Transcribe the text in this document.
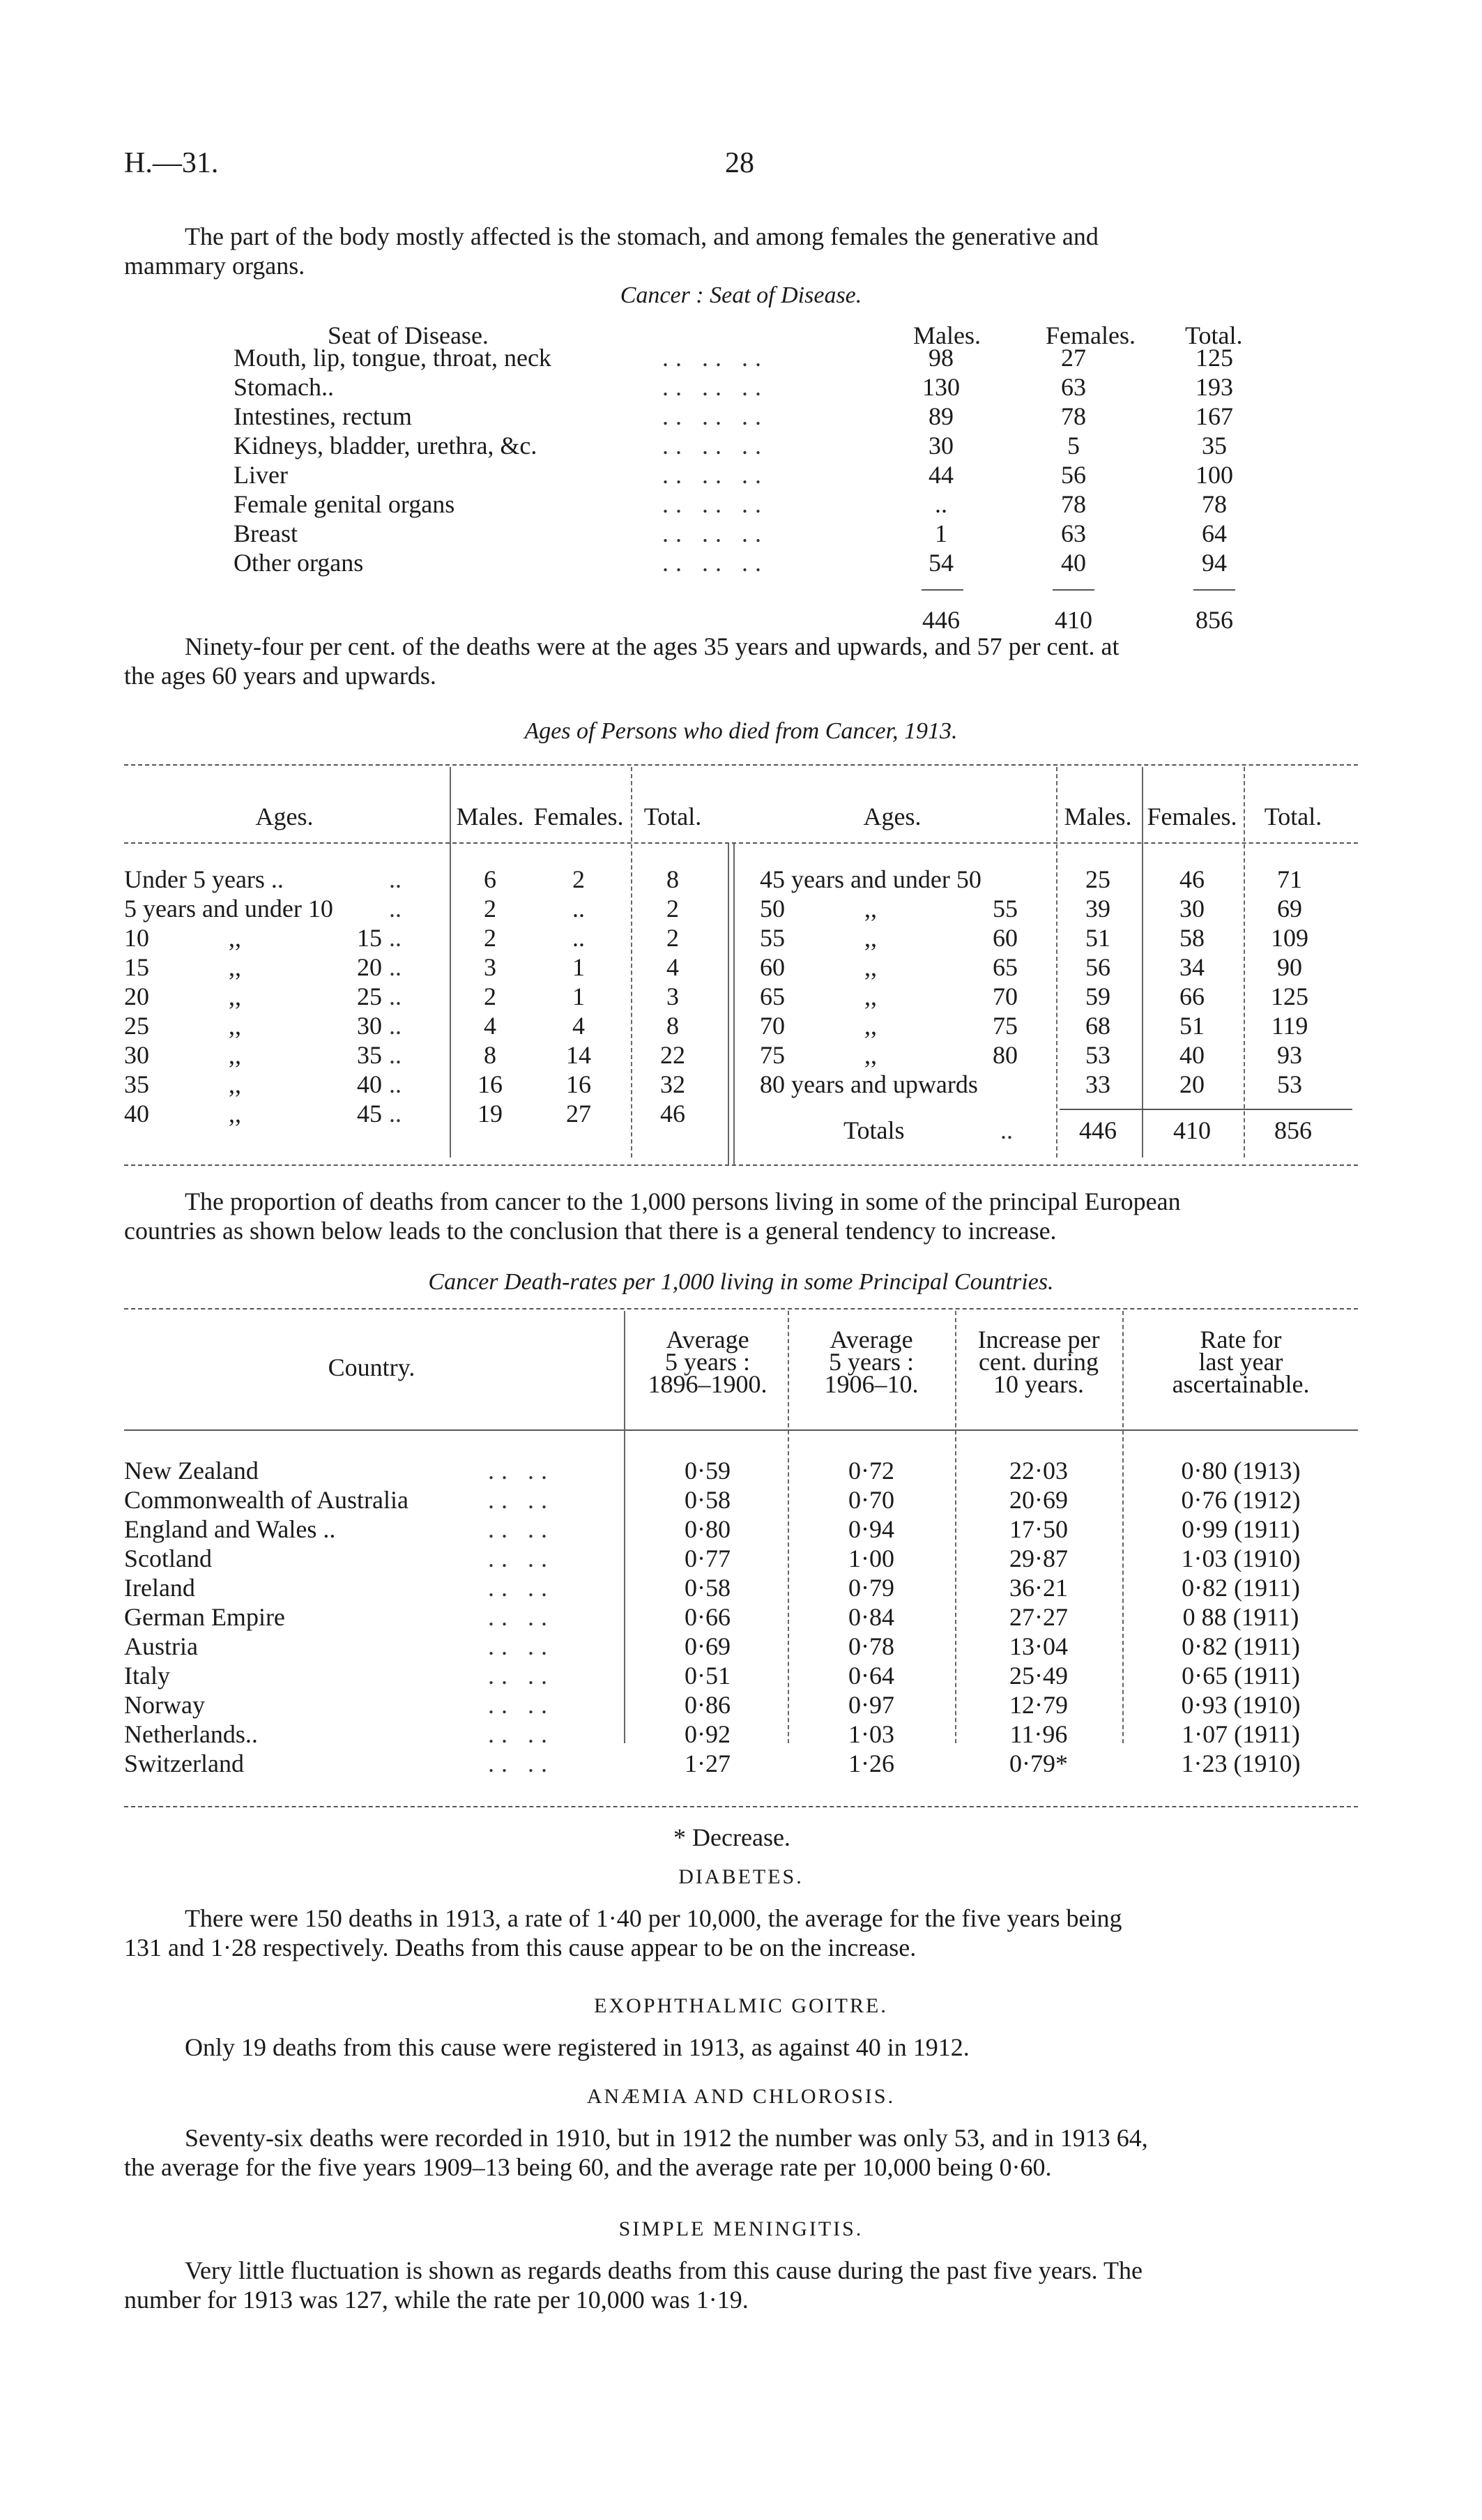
H.—31.	28
The part of the body mostly affected is the stomach, and among females the generative and
mammary organs.
Cancer : Seat of Disease.
Seat of Disease.	Males.	Females. Total.
Mouth, lip, tongue, throat, neck	.. .. ..	98	27	125
Stomach..	.. .. ..	130	63	193
Intestines, rectum	.. .. ..	89	78	167
Kidneys, bladder, urethra, &c.	.. .. ..	30	5	35
Liver	.. .. ..	44	56	100
Female genital organs	.. .. ..	..	78	78
Breast	.. .. ..	1	63	64
Other organs	.. .. ..	54	40	94
446	410	856
Ninety-four per cent. of the deaths were at the ages 35 years and upwards, and 57 per cent. at
the ages 60 years and upwards.
Ages of Persons who died from Cancer, 1913.
Ages.	Males. Females. Total.	Ages.	Males. Females.	Total.
Under 5 years ..	..	6	2	8
5 years and under 10 ..	2	..	2
10	,,	15 ..	2	..	2
15	,,	20 ..	3	1	4
20	,,	25 ..	2	1	3
25	,,	30 ..	4	4	8
30	,,	35 ..	8	14	22
35	,,	40 ..	16	16	32
40	,,	45 ..	19	27	46
45 years and under 50	25	46	71
50	,,	55	39	30	69
55	,,	60	51	58	109
60	,,	65	56	34	90
65	,,	70	59	66	125
70	,,	75	68	51	119
75	,,	80	53	40	93
80 years and upwards	33	20	53
Totals	..	446	410	856
The proportion of deaths from cancer to the 1,000 persons living in some of the principal European
countries as shown below leads to the conclusion that there is a general tendency to increase.
Cancer Death-rates per 1,000 living in some Principal Countries.
Country.
Average
5 years :
1896–1900.
Average
5 years :
1906–10.
Increase per
cent. during
10 years.
Rate for
last year
ascertainable.
New Zealand	.. ..	0·59	0·72	22·03	0·80 (1913)
Commonwealth of Australia	.. ..	0·58	0·70	20·69	0·76 (1912)
England and Wales ..	.. ..	0·80	0·94	17·50	0·99 (1911)
Scotland	.. ..	0·77	1·00	29·87	1·03 (1910)
Ireland	.. ..	0·58	0·79	36·21	0·82 (1911)
German Empire	.. ..	0·66	0·84	27·27	0 88 (1911)
Austria	.. ..	0·69	0·78	13·04	0·82 (1911)
Italy	.. ..	0·51	0·64	25·49	0·65 (1911)
Norway	.. ..	0·86	0·97	12·79	0·93 (1910)
Netherlands..	.. ..	0·92	1·03	11·96	1·07 (1911)
Switzerland	.. ..	1·27	1·26	0·79*	1·23 (1910)
* Decrease.
DIABETES.
There were 150 deaths in 1913, a rate of 1·40 per 10,000, the average for the five years being
131 and 1·28 respectively. Deaths from this cause appear to be on the increase.
EXOPHTHALMIC GOITRE.
Only 19 deaths from this cause were registered in 1913, as against 40 in 1912.
ANÆMIA AND CHLOROSIS.
Seventy-six deaths were recorded in 1910, but in 1912 the number was only 53, and in 1913 64,
the average for the five years 1909–13 being 60, and the average rate per 10,000 being 0·60.
SIMPLE MENINGITIS.
Very little fluctuation is shown as regards deaths from this cause during the past five years. The
number for 1913 was 127, while the rate per 10,000 was 1·19.
